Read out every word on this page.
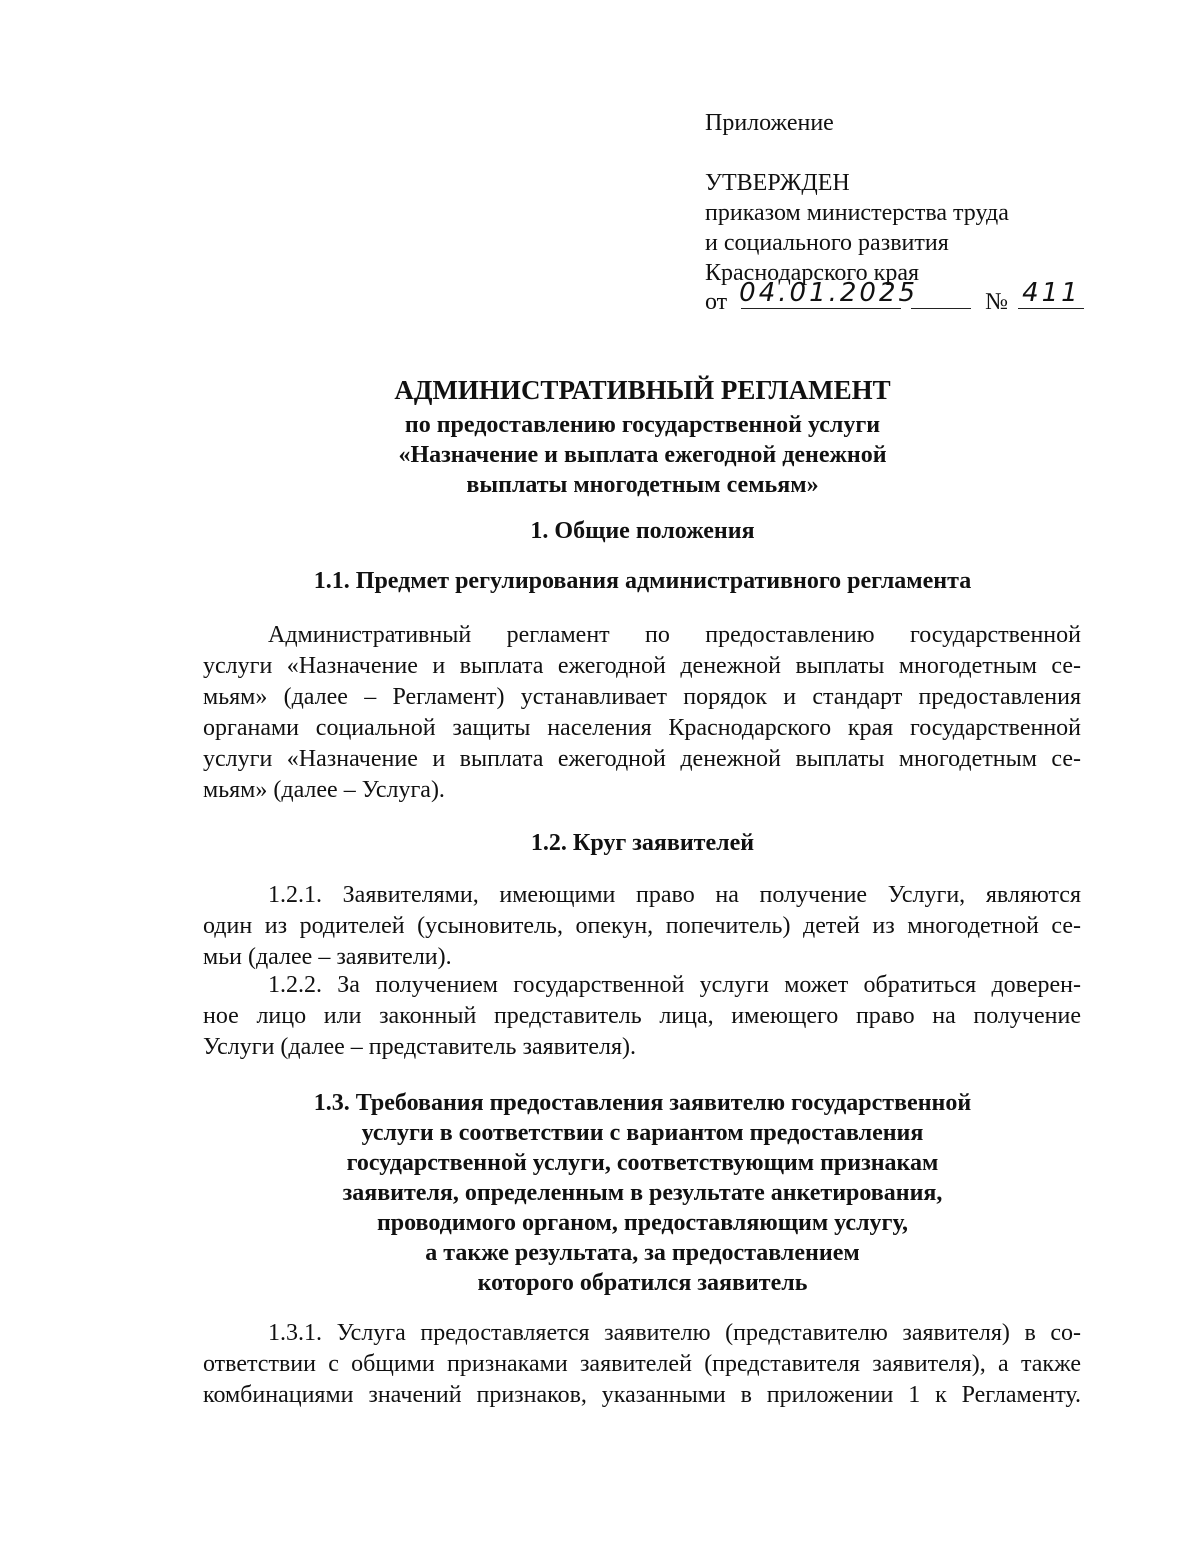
Приложение
УТВЕРЖДЕН
приказом министерства труда
и социального развития
Краснодарского края
от 04.01.2025	№ 411
АДМИНИСТРАТИВНЫЙ РЕГЛАМЕНТ
по предоставлению государственной услуги
«Назначение и выплата ежегодной денежной
выплаты многодетным семьям»
1. Общие положения
1.1. Предмет регулирования административного регламента
Административный регламент по предоставлению государственной
услуги «Назначение и выплата ежегодной денежной выплаты многодетным се-
мьям» (далее – Регламент) устанавливает порядок и стандарт предоставления
органами социальной защиты населения Краснодарского края государственной
услуги «Назначение и выплата ежегодной денежной выплаты многодетным се-
мьям» (далее – Услуга).
1.2. Круг заявителей
1.2.1. Заявителями, имеющими право на получение Услуги, являются
один из родителей (усыновитель, опекун, попечитель) детей из многодетной се-
мьи (далее – заявители).
1.2.2. За получением государственной услуги может обратиться доверен-
ное лицо или законный представитель лица, имеющего право на получение
Услуги (далее – представитель заявителя).
1.3. Требования предоставления заявителю государственной
услуги в соответствии с вариантом предоставления
государственной услуги, соответствующим признакам
заявителя, определенным в результате анкетирования,
проводимого органом, предоставляющим услугу,
а также результата, за предоставлением
которого обратился заявитель
1.3.1. Услуга предоставляется заявителю (представителю заявителя) в со-
ответствии с общими признаками заявителей (представителя заявителя), а также
комбинациями значений признаков, указанными в приложении 1 к Регламенту.
